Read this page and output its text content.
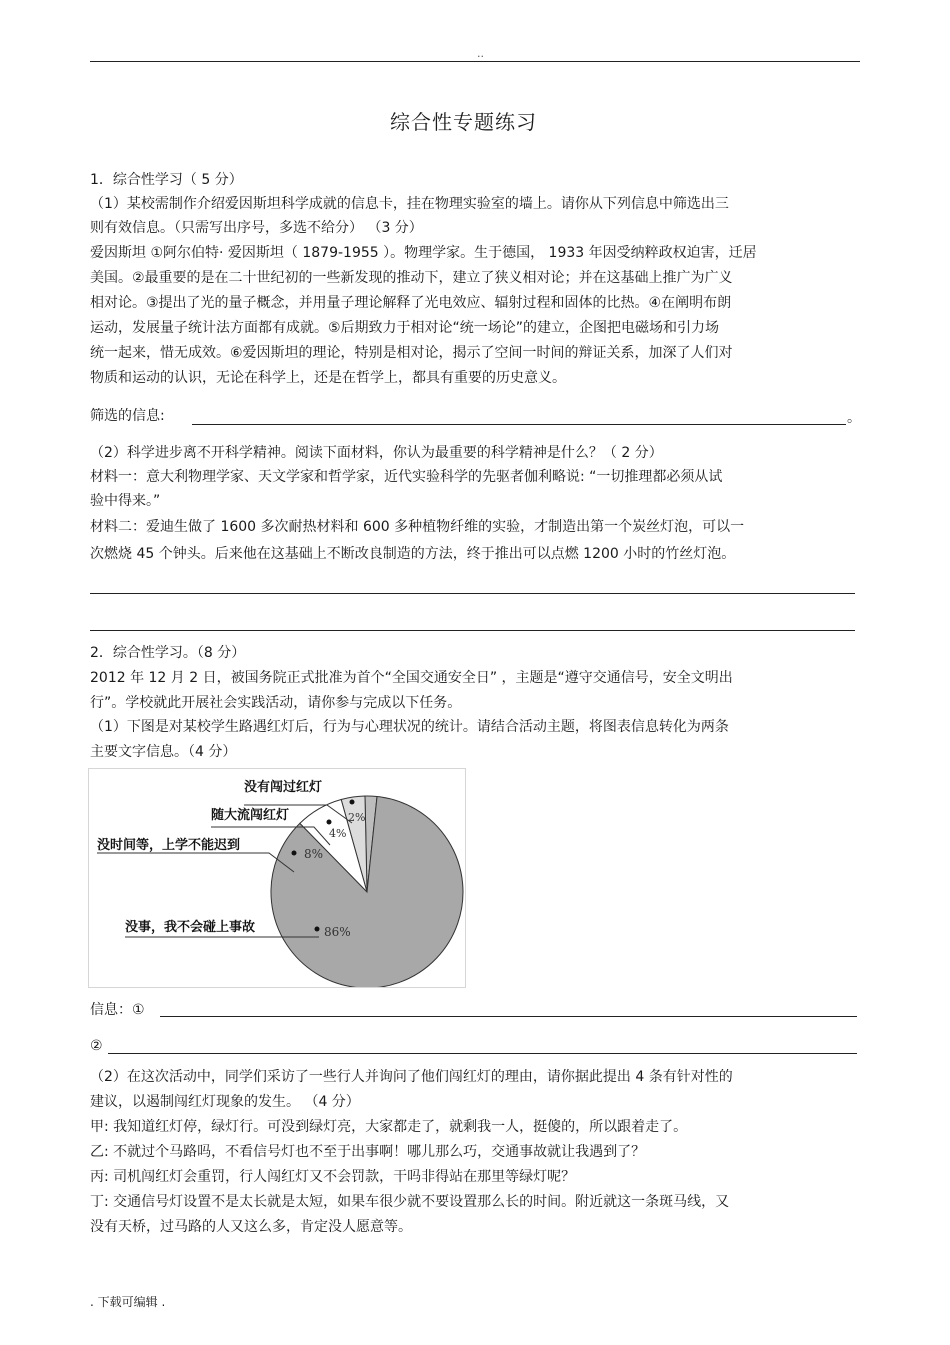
..
综合性专题练习
1．综合性学习（ 5 分）
（1）某校需制作介绍爱因斯坦科学成就的信息卡，挂在物理实验室的墙上。请你从下列信息中筛选出三
则有效信息。（只需写出序号，多选不给分） （3 分）
爱因斯坦 ①阿尔伯特· 爱因斯坦（ 1879-1955 ）。物理学家。生于德国， 1933 年因受纳粹政权迫害，迁居
美国。②最重要的是在二十世纪初的一些新发现的推动下，建立了狭义相对论；并在这基础上推广为广义
相对论。③提出了光的量子概念，并用量子理论解释了光电效应、辐射过程和固体的比热。④在阐明布朗
运动，发展量子统计法方面都有成就。⑤后期致力于相对论“统一场论”的建立，企图把电磁场和引力场
统一起来，惜无成效。⑥爱因斯坦的理论，特别是相对论，揭示了空间一时间的辩证关系，加深了人们对
物质和运动的认识，无论在科学上，还是在哲学上，都具有重要的历史意义。
筛选的信息:	。
（2）科学进步离不开科学精神。阅读下面材料，你认为最重要的科学精神是什么？（ 2 分）
材料一：意大利物理学家、天文学家和哲学家，近代实验科学的先驱者伽利略说: “一切推理都必须从试
验中得来。”
材料二：爱迪生做了 1600 多次耐热材料和 600 多种植物纤维的实验，才制造出第一个炭丝灯泡，可以一
次燃烧 45 个钟头。后来他在这基础上不断改良制造的方法，终于推出可以点燃 1200 小时的竹丝灯泡。
2．综合性学习。（8 分）
2012 年 12 月 2 日，被国务院正式批准为首个“全国交通安全日” ，主题是“遵守交通信号，安全文明出
行”。学校就此开展社会实践活动，请你参与完成以下任务。
（1）下图是对某校学生路遇红灯后，行为与心理状况的统计。请结合活动主题，将图表信息转化为两条
主要文字信息。（4 分）
没有闯过红灯
随大流闯红灯
没时间等，上学不能迟到
没事，我不会碰上事故
2%
4%
8%
86%
信息：①
②
（2）在这次活动中，同学们采访了一些行人并询问了他们闯红灯的理由，请你据此提出 4 条有针对性的
建议，以遏制闯红灯现象的发生。 （4 分）
甲: 我知道红灯停，绿灯行。可没到绿灯亮，大家都走了，就剩我一人，挺傻的，所以跟着走了。
乙: 不就过个马路吗，不看信号灯也不至于出事啊！哪儿那么巧，交通事故就让我遇到了？
丙: 司机闯红灯会重罚，行人闯红灯又不会罚款，干吗非得站在那里等绿灯呢？
丁: 交通信号灯设置不是太长就是太短，如果车很少就不要设置那么长的时间。附近就这一条斑马线，又
没有天桥，过马路的人又这么多，肯定没人愿意等。
. 下载可编辑 .
